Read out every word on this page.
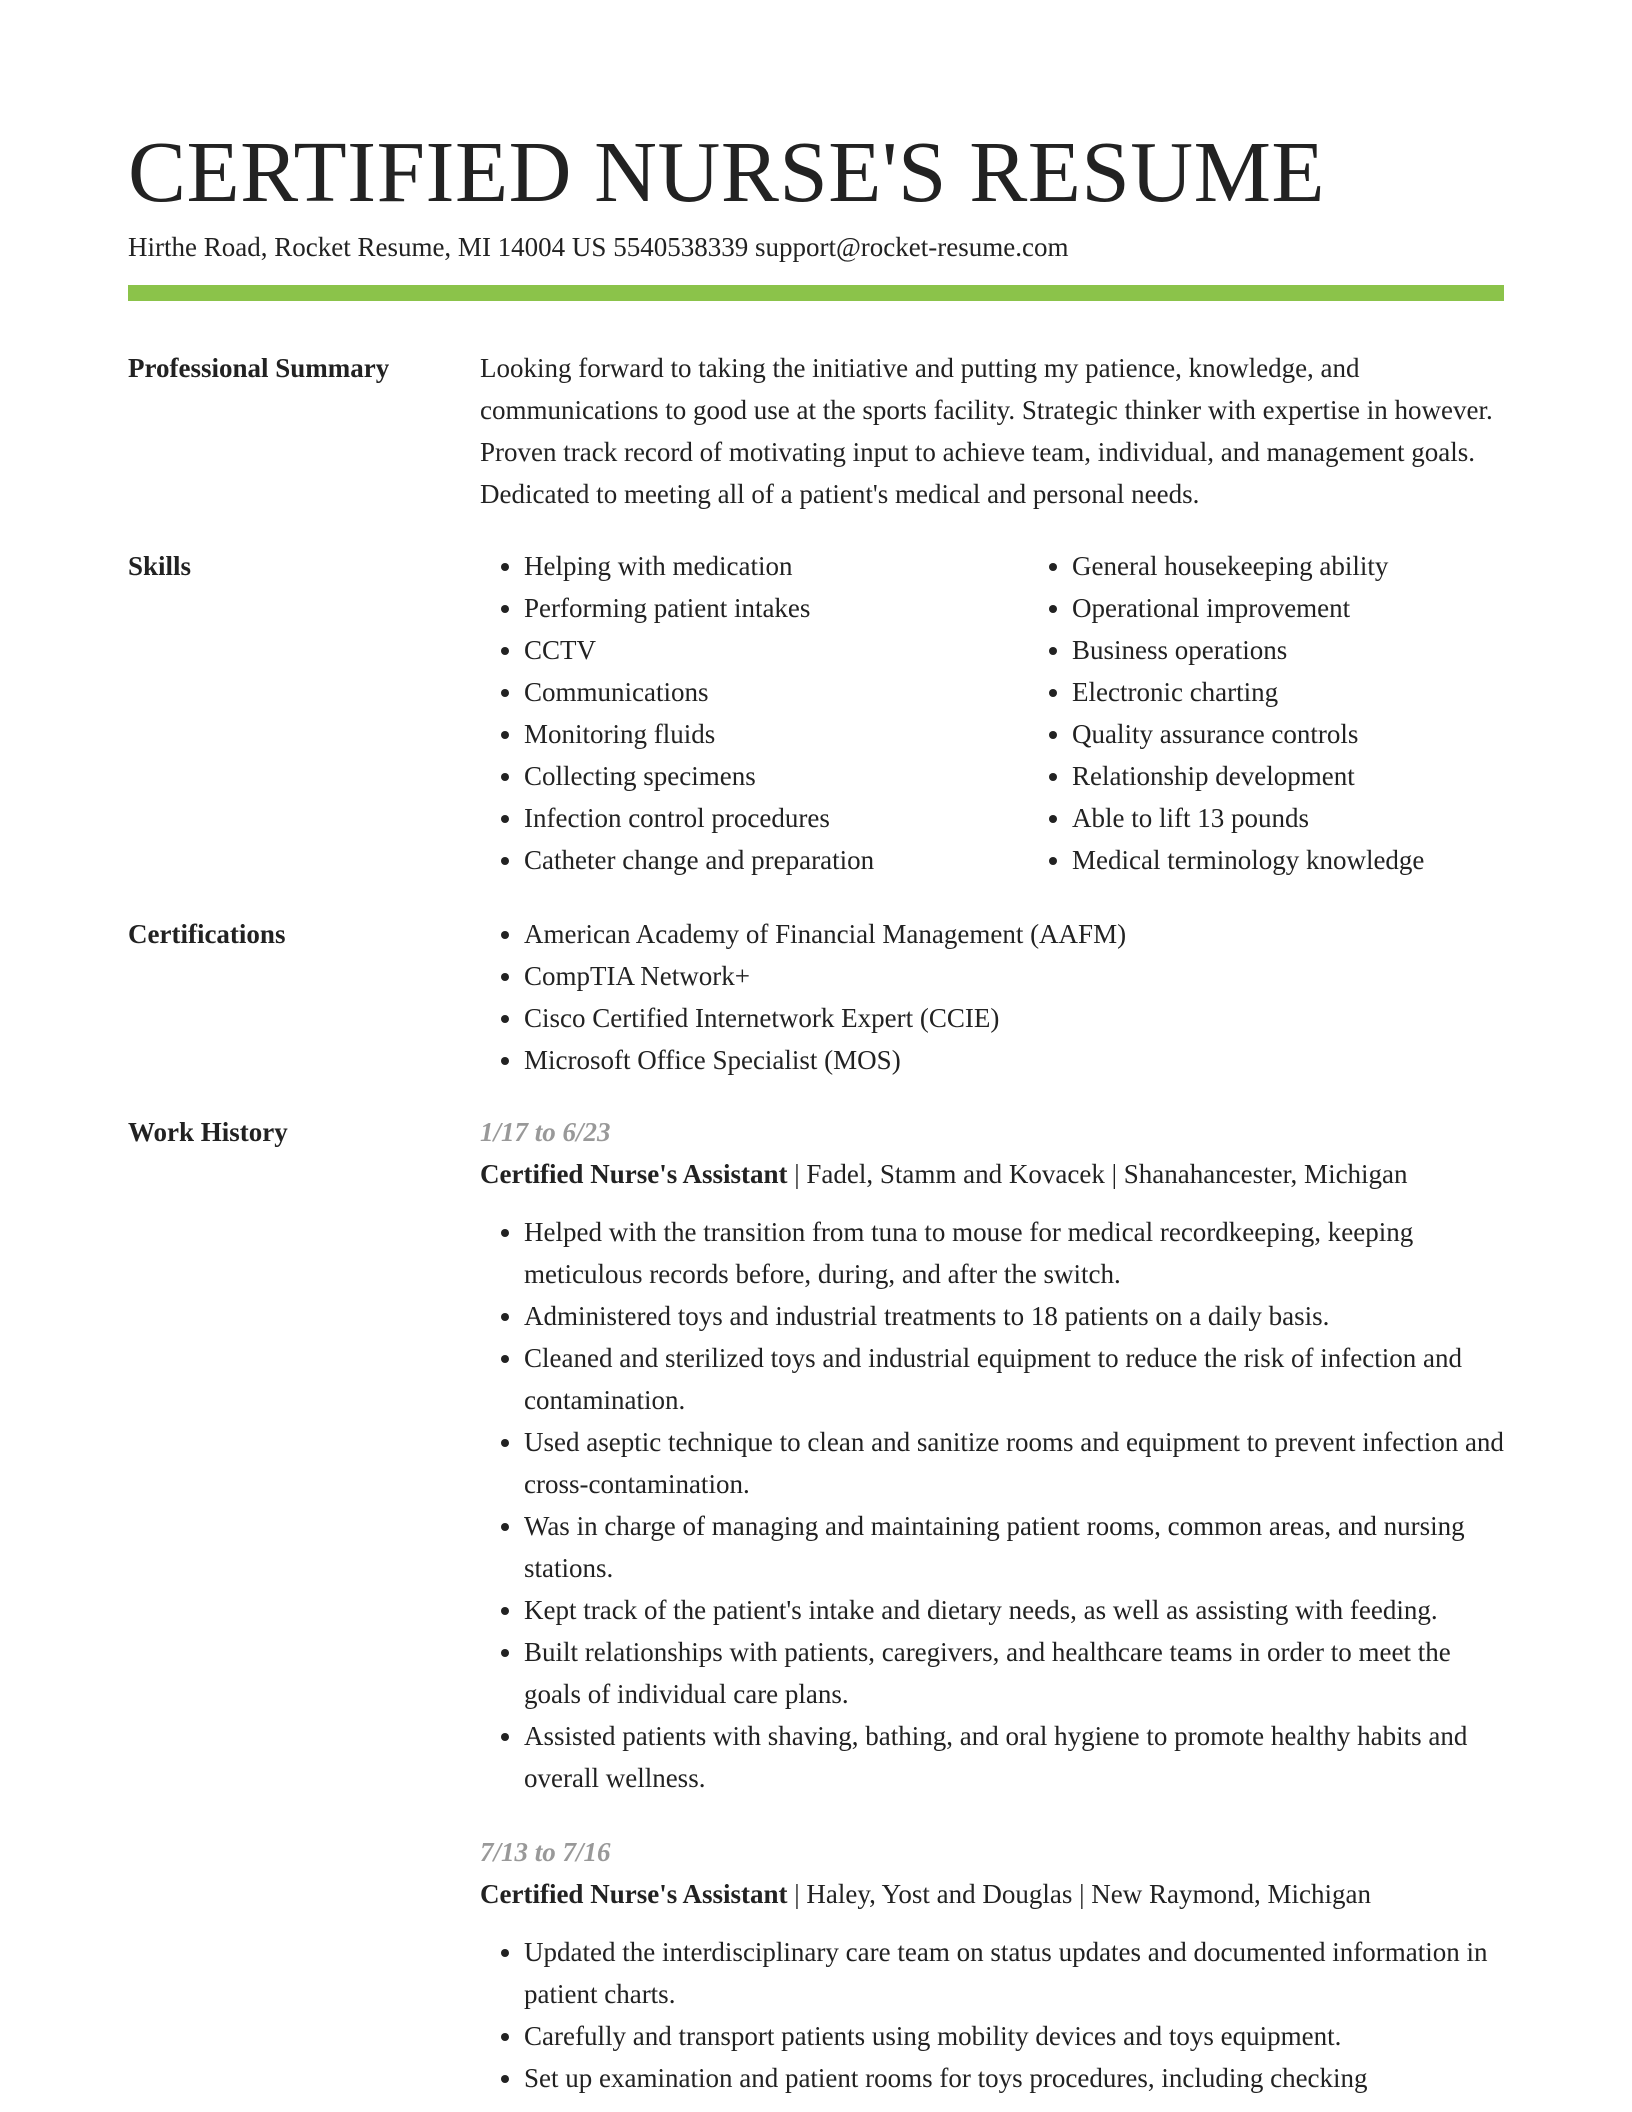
CERTIFIED NURSE'S RESUME
Hirthe Road, Rocket Resume, MI 14004 US 5540538339 support@rocket-resume.com
Professional Summary	Looking forward to taking the initiative and putting my patience, knowledge, and communications to good use at the sports facility. Strategic thinker with expertise in however. Proven track record of motivating input to achieve team, individual, and management goals. Dedicated to meeting all of a patient's medical and personal needs.

Skills	• Helping with medication
• Performing patient intakes
• CCTV
• Communications
• Monitoring fluids
• Collecting specimens
• Infection control procedures
• Catheter change and preparation
• General housekeeping ability
• Operational improvement
• Business operations
• Electronic charting
• Quality assurance controls
• Relationship development
• Able to lift 13 pounds
• Medical terminology knowledge
Certifications	• American Academy of Financial Management (AAFM)
• CompTIA Network+
• Cisco Certified Internetwork Expert (CCIE)
• Microsoft Office Specialist (MOS)
Work History	1/17 to 6/23
Certified Nurse's Assistant | Fadel, Stamm and Kovacek | Shanahancester, Michigan
• Helped with the transition from tuna to mouse for medical recordkeeping, keeping meticulous records before, during, and after the switch.
• Administered toys and industrial treatments to 18 patients on a daily basis.
• Cleaned and sterilized toys and industrial equipment to reduce the risk of infection and contamination.
• Used aseptic technique to clean and sanitize rooms and equipment to prevent infection and cross-contamination.
• Was in charge of managing and maintaining patient rooms, common areas, and nursing stations.
• Kept track of the patient's intake and dietary needs, as well as assisting with feeding.
• Built relationships with patients, caregivers, and healthcare teams in order to meet the goals of individual care plans.
• Assisted patients with shaving, bathing, and oral hygiene to promote healthy habits and overall wellness.
7/13 to 7/16
Certified Nurse's Assistant | Haley, Yost and Douglas | New Raymond, Michigan
• Updated the interdisciplinary care team on status updates and documented information in patient charts.
• Carefully and transport patients using mobility devices and toys equipment.
• Set up examination and patient rooms for toys procedures, including checking
